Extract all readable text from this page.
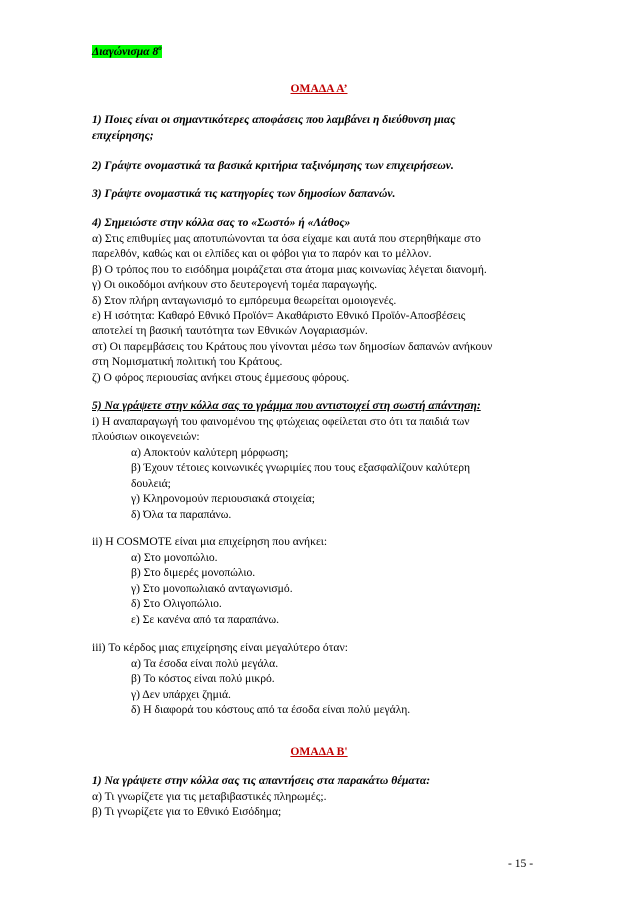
Διαγώνισμα $8^o$
ΟΜΑΔΑ Α’
1) Ποιες είναι οι σημαντικότερες αποφάσεις που λαμβάνει η διεύθυνση μιας
επιχείρησης;
2) Γράψτε ονομαστικά τα βασικά κριτήρια ταξινόμησης των επιχειρήσεων.
3) Γράψτε ονομαστικά τις κατηγορίες των δημοσίων δαπανών.
4) Σημειώστε στην κόλλα σας το «Σωστό» ή «Λάθος»
α) Στις επιθυμίες μας αποτυπώνονται τα όσα είχαμε και αυτά που στερηθήκαμε στο
παρελθόν, καθώς και οι ελπίδες και οι φόβοι για το παρόν και το μέλλον.
β) Ο τρόπος που το εισόδημα μοιράζεται στα άτομα μιας κοινωνίας λέγεται διανομή.
γ) Οι οικοδόμοι ανήκουν στο δευτερογενή τομέα παραγωγής.
δ) Στον πλήρη ανταγωνισμό το εμπόρευμα θεωρείται ομοιογενές.
ε) Η ισότητα: Καθαρό Εθνικό Προϊόν= Ακαθάριστο Εθνικό Προϊόν-Αποσβέσεις
αποτελεί τη βασική ταυτότητα των Εθνικών Λογαριασμών.
στ) Οι παρεμβάσεις του Κράτους που γίνονται μέσω των δημοσίων δαπανών ανήκουν
στη Νομισματική πολιτική του Κράτους.
ζ) Ο φόρος περιουσίας ανήκει στους έμμεσους φόρους.
5) Να γράψετε στην κόλλα σας το γράμμα που αντιστοιχεί στη σωστή απάντηση:
i) Η αναπαραγωγή του φαινομένου της φτώχειας οφείλεται στο ότι τα παιδιά των
πλούσιων οικογενειών:
α) Αποκτούν καλύτερη μόρφωση;
β) Έχουν τέτοιες κοινωνικές γνωριμίες που τους εξασφαλίζουν καλύτερη
δουλειά;
γ) Κληρονομούν περιουσιακά στοιχεία;
δ) Όλα τα παραπάνω.
ii) Η COSMOTE είναι μια επιχείρηση που ανήκει:
α) Στο μονοπώλιο.
β) Στο διμερές μονοπώλιο.
γ) Στο μονοπωλιακό ανταγωνισμό.
δ) Στο Ολιγοπώλιο.
ε) Σε κανένα από τα παραπάνω.
iii) Το κέρδος μιας επιχείρησης είναι μεγαλύτερο όταν:
α) Τα έσοδα είναι πολύ μεγάλα.
β) Το κόστος είναι πολύ μικρό.
γ) Δεν υπάρχει ζημιά.
δ) Η διαφορά του κόστους από τα έσοδα είναι πολύ μεγάλη.
ΟΜΑΔΑ Β'
1) Να γράψετε στην κόλλα σας τις απαντήσεις στα παρακάτω θέματα:
α) Τι γνωρίζετε για τις μεταβιβαστικές πληρωμές;.
β) Τι γνωρίζετε για το Εθνικό Εισόδημα;
- 15 -
